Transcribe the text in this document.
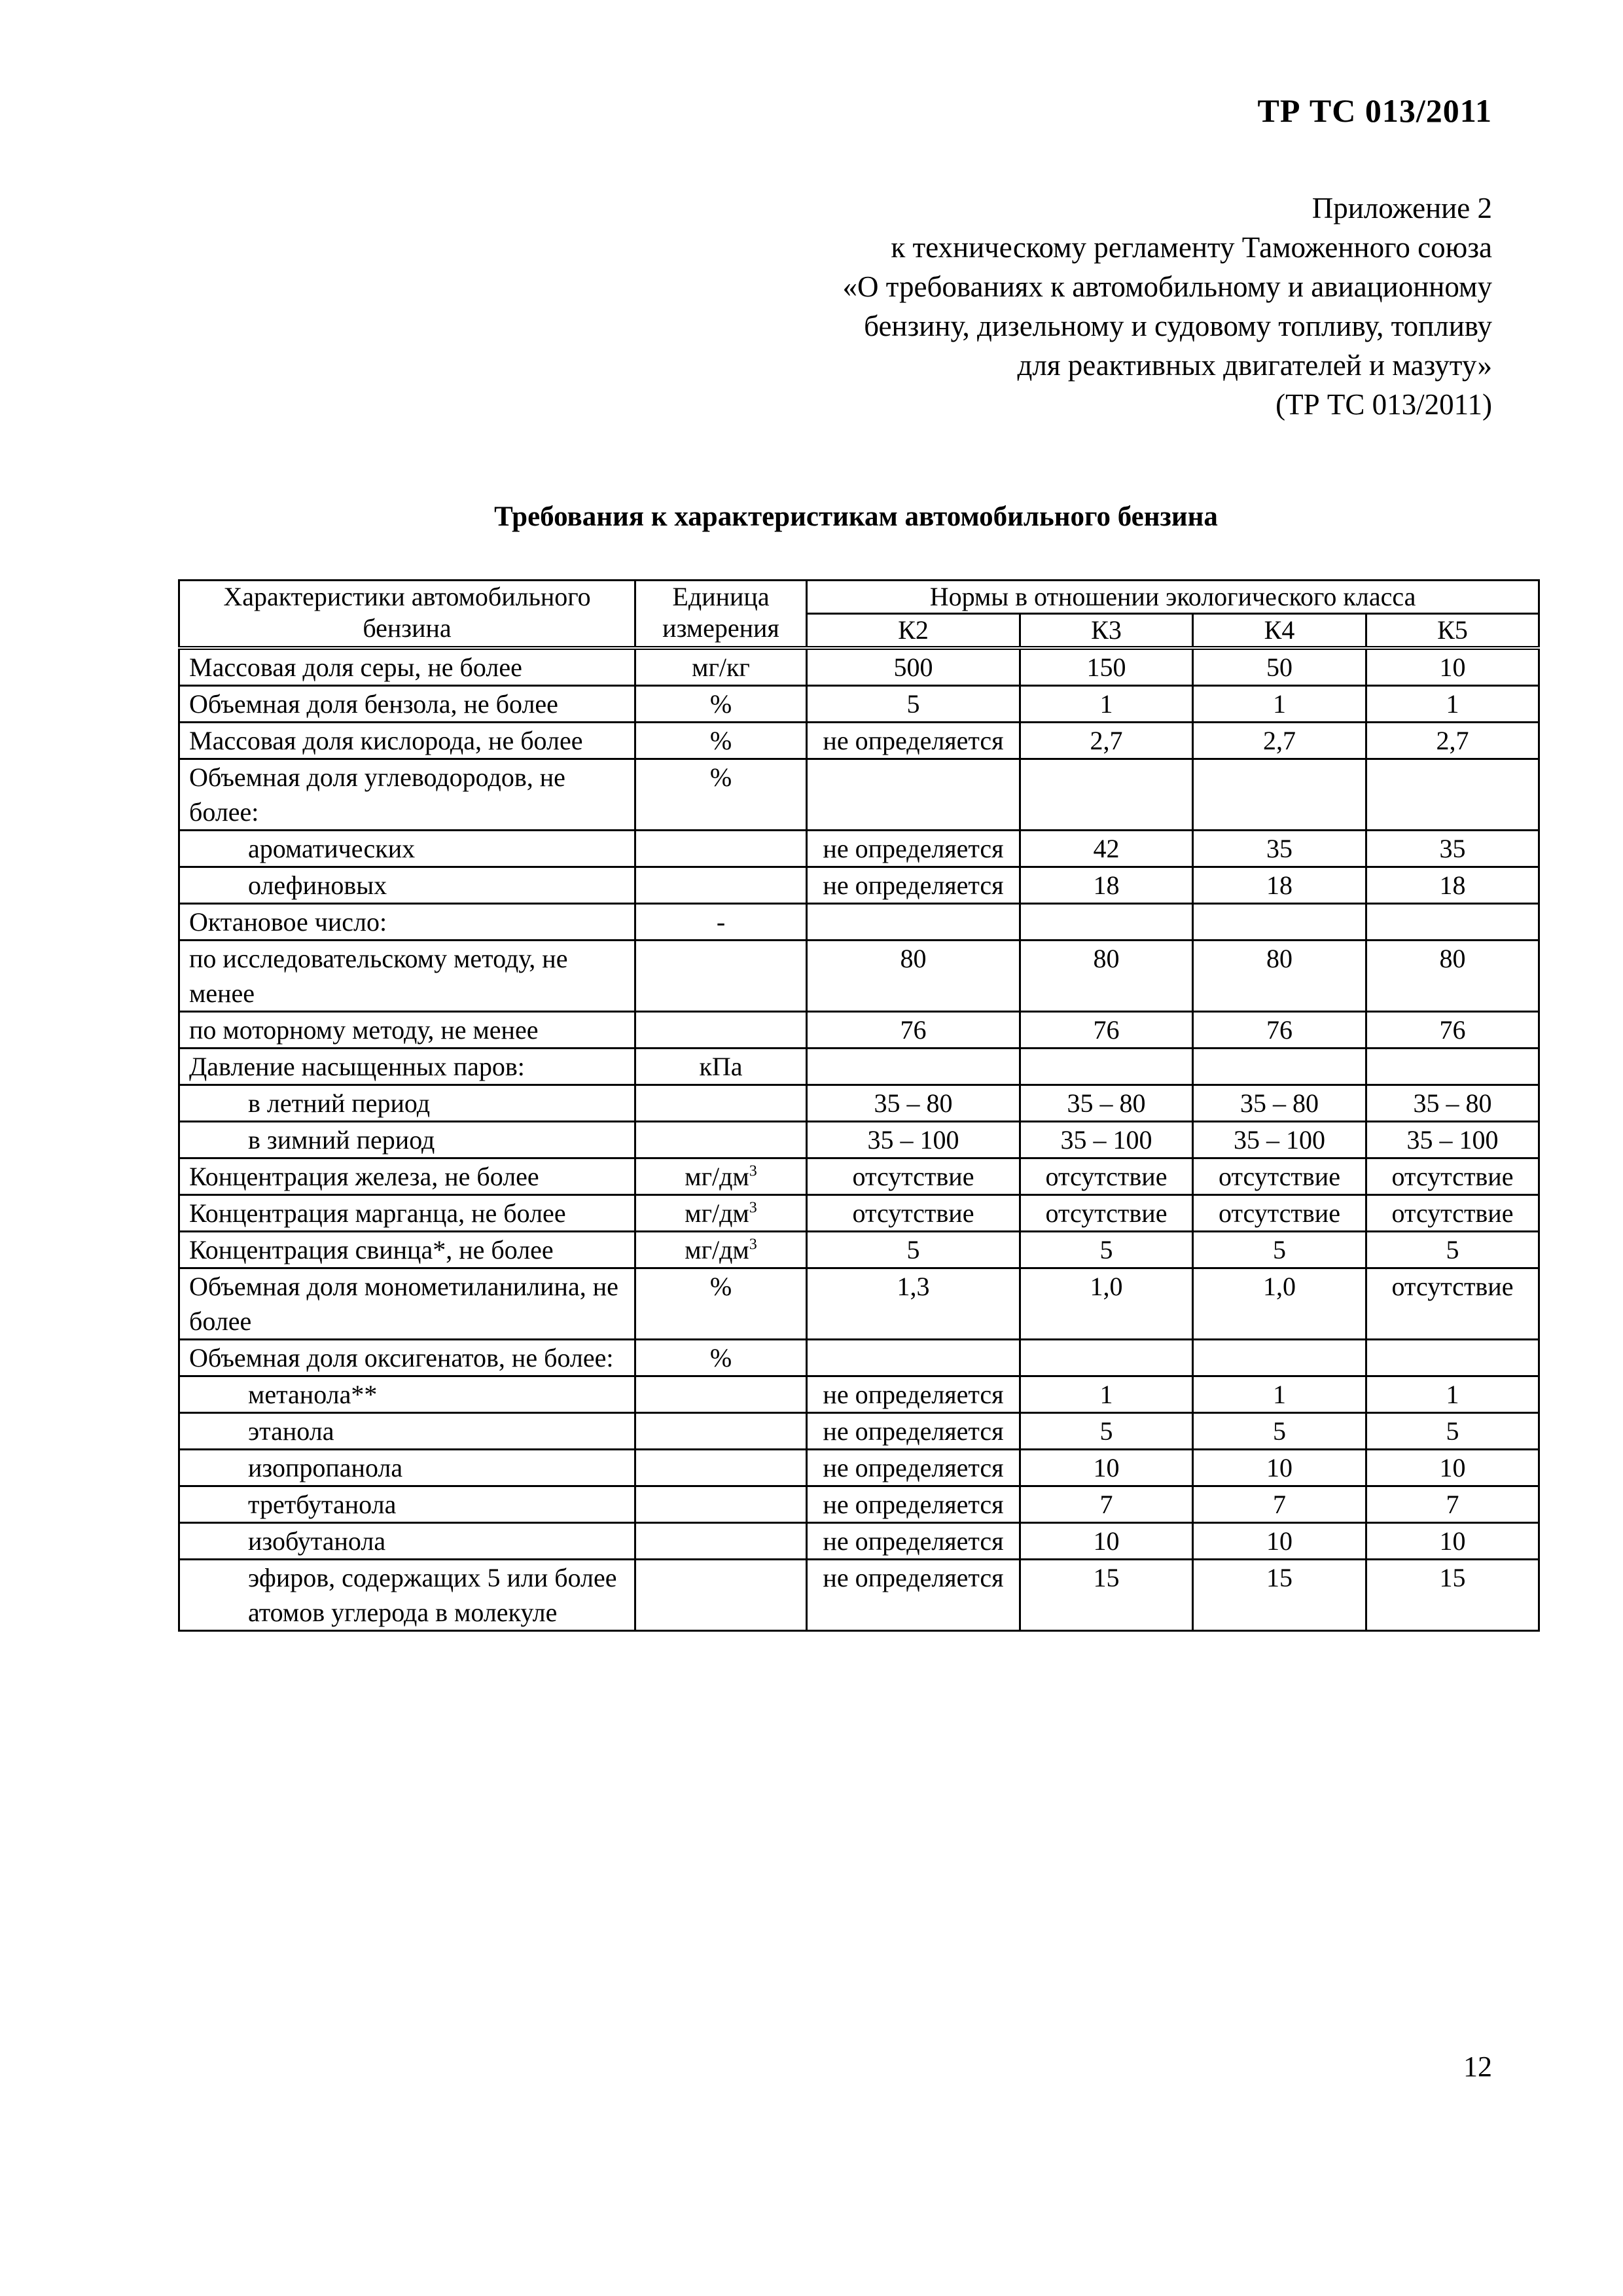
ТР ТС 013/2011
Приложение 2
к техническому регламенту Таможенного союза
«О требованиях к автомобильному и авиационному
бензину, дизельному и судовому топливу, топливу
для реактивных двигателей и мазуту»
(ТР ТС 013/2011)
Требования к характеристикам автомобильного бензина
Характеристики автомобильного бензина	Единица измерения	Нормы в отношении экологического класса			
		К2	К3	К4	К5
Массовая доля серы, не более	мг/кг	500	150	50	10
Объемная доля бензола, не более	%	5	1	1	1
Массовая доля кислорода, не более	%	не определяется	2,7	2,7	2,7
Объемная доля углеводородов, не более:	%				
ароматических		не определяется	42	35	35
олефиновых		не определяется	18	18	18
Октановое число:	-				
по исследовательскому методу, не менее		80	80	80	80
по моторному методу, не менее		76	76	76	76
Давление насыщенных паров:	кПа				
в летний период		35 – 80	35 – 80	35 – 80	35 – 80
в зимний период		35 – 100	35 – 100	35 – 100	35 – 100
Концентрация железа, не более	$мг/дм^3$	отсутствие	отсутствие	отсутствие	отсутствие
Концентрация марганца, не более	$мг/дм^3$	отсутствие	отсутствие	отсутствие	отсутствие
Концентрация свинца*, не более	$мг/дм^3$	5	5	5	5
Объемная доля монометиланилина, не более	%	1,3	1,0	1,0	отсутствие
Объемная доля оксигенатов, не более:	%				
метанола**		не определяется	1	1	1
этанола		не определяется	5	5	5
изопропанола		не определяется	10	10	10
третбутанола		не определяется	7	7	7
изобутанола		не определяется	10	10	10
эфиров, содержащих 5 или более атомов углерода в молекуле		не определяется	15	15	15
12
